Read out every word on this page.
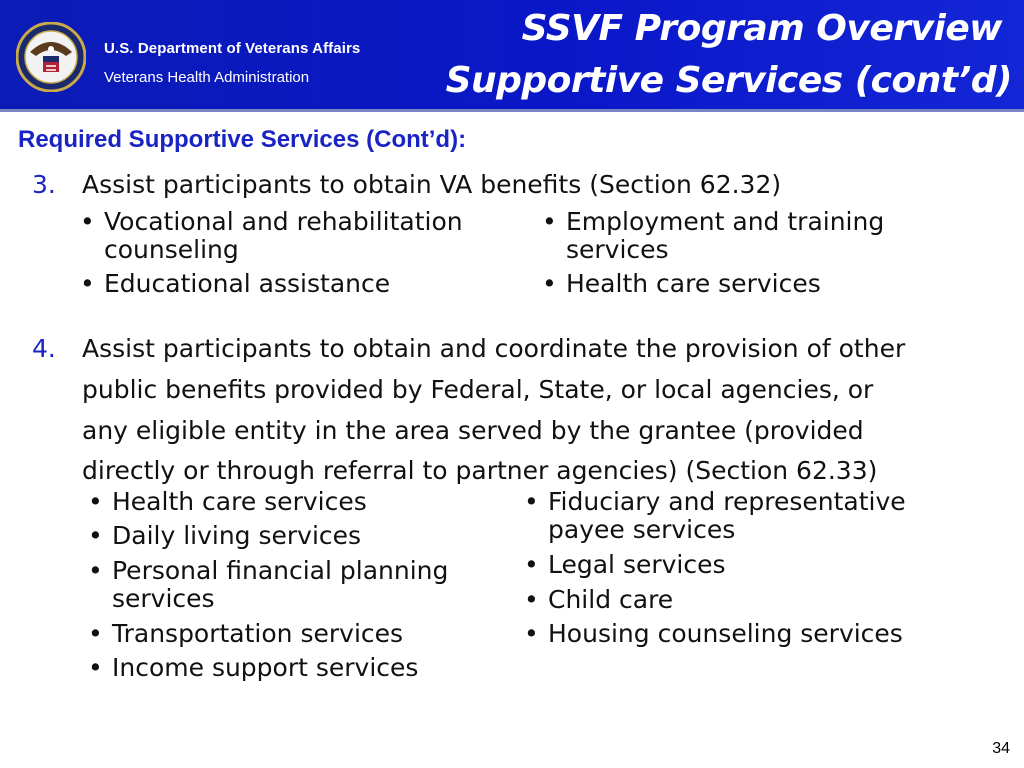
U.S. Department of Veterans Affairs
Veterans Health Administration
SSVF Program Overview
Supportive Services (cont’d)
Required Supportive Services (Cont’d):
3. Assist participants to obtain VA benefits (Section 62.32)
• Vocational and rehabilitation counseling
• Educational assistance
• Employment and training services
• Health care services
4. Assist participants to obtain and coordinate the provision of other
public benefits provided by Federal, State, or local agencies, or
any eligible entity in the area served by the grantee (provided
directly or through referral to partner agencies) (Section 62.33)
• Health care services
• Daily living services
• Personal financial planning services
• Transportation services
• Income support services
• Fiduciary and representative payee services
• Legal services
• Child care
• Housing counseling services
34
